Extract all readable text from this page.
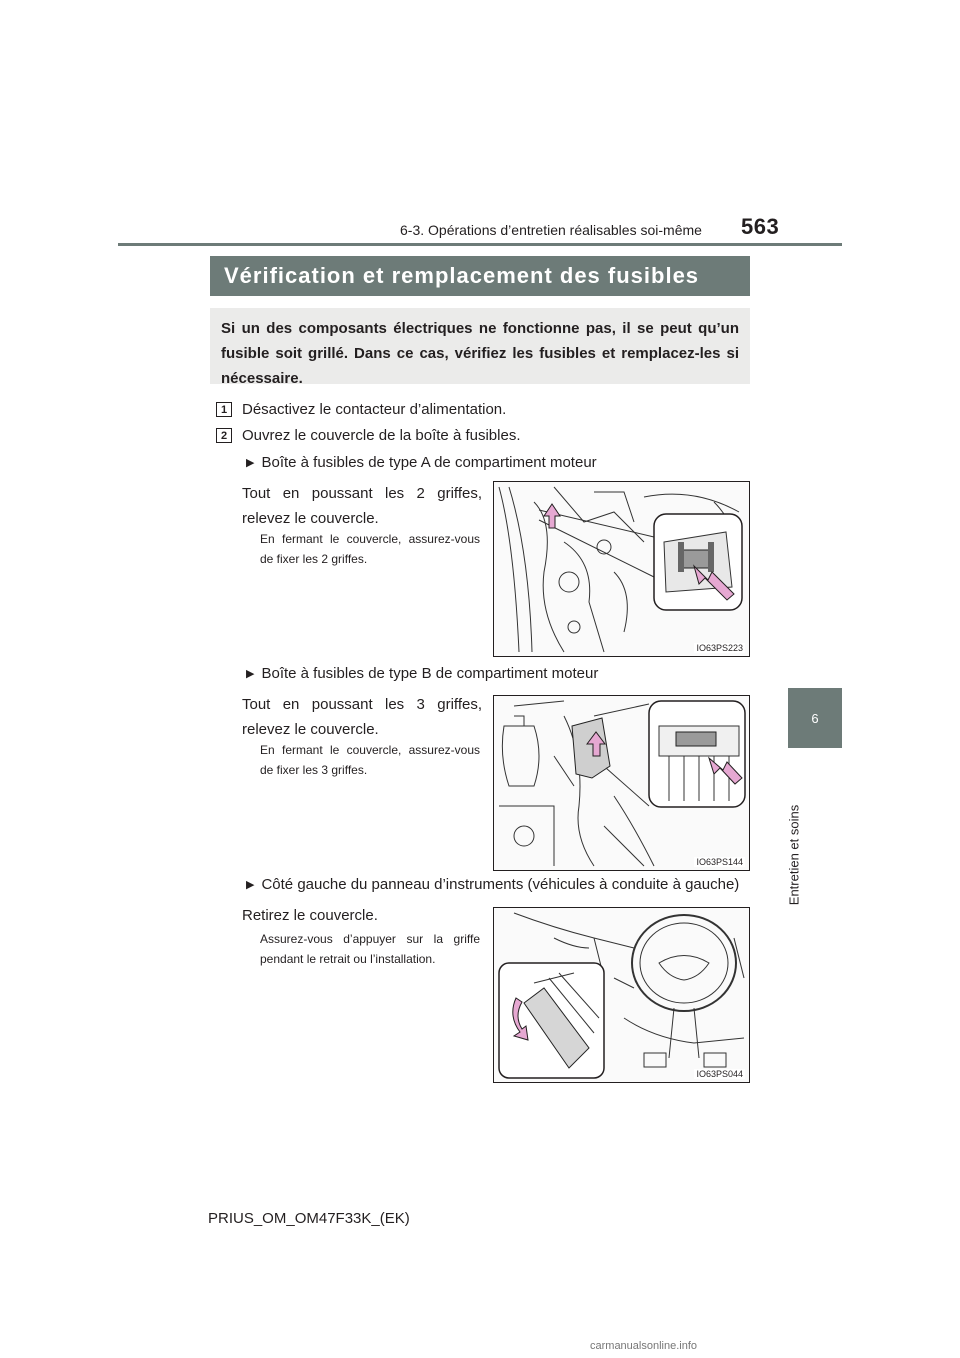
6-3. Opérations d’entretien réalisables soi-même 563
6
Entretien et soins
Vérification et remplacement des fusibles
Si un des composants électriques ne fonctionne pas, il se peut qu’un fusible soit grillé. Dans ce cas, vérifiez les fusibles et remplacez-les si nécessaire.
1 Désactivez le contacteur d’alimentation.
2 Ouvrez le couvercle de la boîte à fusibles.
▶ Boîte à fusibles de type A de compartiment moteur
Tout en poussant les 2 griffes, relevez le couvercle.
En fermant le couvercle, assurez-vous de fixer les 2 griffes.
IO63PS223
▶ Boîte à fusibles de type B de compartiment moteur
Tout en poussant les 3 griffes, relevez le couvercle.
En fermant le couvercle, assurez-vous de fixer les 3 griffes.
IO63PS144
▶ Côté gauche du panneau d’instruments (véhicules à conduite à gauche)
Retirez le couvercle.
Assurez-vous d’appuyer sur la griffe pendant le retrait ou l’installation.
IO63PS044
PRIUS_OM_OM47F33K_(EK)
carmanualsonline.info
